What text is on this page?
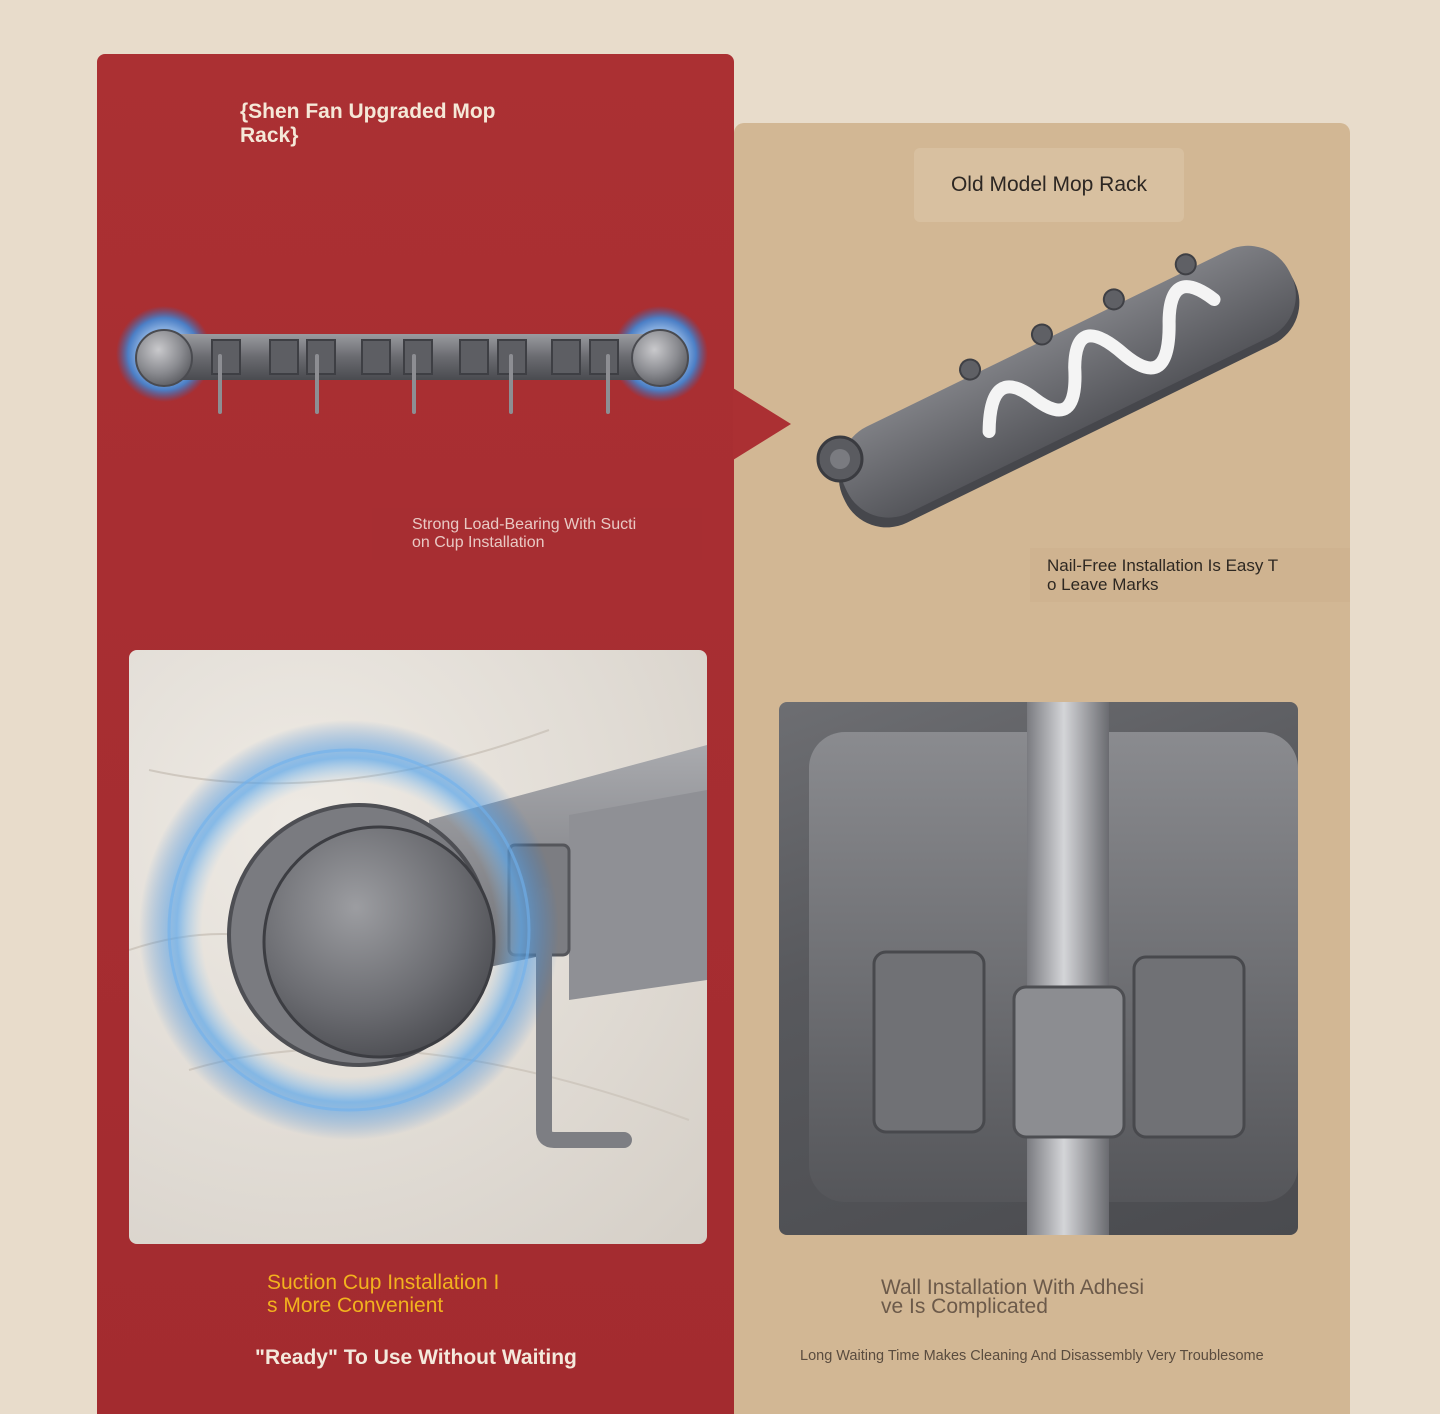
{Shen Fan Upgraded Mop
Rack}
Old Model Mop Rack
Strong Load-Bearing With Sucti
on Cup Installation
Nail-Free Installation Is Easy T
o Leave Marks
Suction Cup Installation I
s More Convenient
"Ready" To Use Without Waiting
Wall Installation With Adhesi
ve Is Complicated
Long Waiting Time Makes Cleaning And Disassembly Very Troublesome
